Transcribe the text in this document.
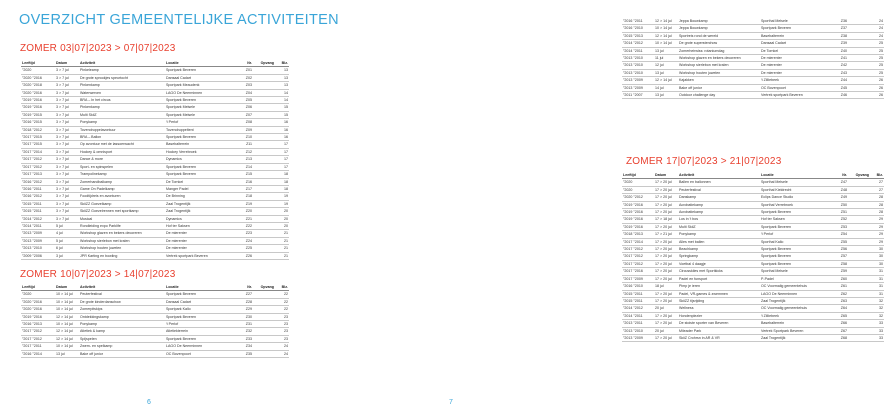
OVERZICHT GEMEENTELIJKE ACTIVITEITEN
ZOMER 03|07|2023 > 07|07|2023
Leeftijd	Datum	Activiteit	Locatie	Nr.	Opvang	Blz.
°2020	3 > 7 jul	Pinkeleamp	Sportpark Beveren	Z01		13
°2020 °2016	3 > 7 jul	De grote sprookjes speurtocht	Dansaal Cadart	Z02		13
°2020 °2018	3 > 7 jul	Pinkenkamp	Sportpark Meaudenk	Z03		13
°2020 °2016	3 > 7 jul	Waterwerven	LAGO De Neerminnen	Z04		14
°2019 °2016	3 > 7 jul	BRA – In het circus	Sportpark Beveren	Z05		14
°2019 °2016	3 > 7 jul	Pinkenkamp	Sportpark Melsele	Z06		15
°2019 °2015	3 > 7 jul	Multi SkiiZ	Sportpark Melsele	Z07		15
°2016 °2015	3 > 7 jul	Ponykamp	't Perlof	Z08		16
°2018 °2012	3 > 7 jul	Tovendruppelavontuur	Tovendruppeltent	Z09		16
°2017 °2015	3 > 7 jul	BRA – Ballon	Sportpark Beveren	Z10		16
°2017 °2015	3 > 7 jul	Op avontuur met de lassoerwacht	Basebalterrein	Z11		17
°2017 °2014	3 > 7 jul	Hockey & omnisport	Hockey Verrebroek	Z12		17
°2017 °2012	3 > 7 jul	Dance & more	Dynamics	Z13		17
°2017 °2012	3 > 7 jul	Sport- en spinspelen	Sportpark Beveren	Z14		17
°2017 °2013	3 > 7 jul	Trampolinekamp	Sportpark Beveren	Z15		18
°2016 °2012	3 > 7 jul	Zomerhandbalkamp	De Tornkel	Z16		18
°2016 °2011	3 > 7 jul	Game On Padelkamp	Manger Padel	Z17		18
°2016 °2012	3 > 7 jul	Foodtijdreis en avonturen	De Brinning	Z18		19
°2015 °2011	3 > 7 jul	SkiiZZ Goezelkamp	Zaal Trogentijlk	Z19		19
°2015 °2011	3 > 7 jul	SkiiZZ Goezelrennen met sportkamp	Zaal Trogentijlk	Z20		20
°2014 °2012	3 > 7 jul	Musical	Dynamics	Z21		20
°2014 °2011	5 jul	Rondleiding expo Parklife	Hof ter Saksen	Z22		20
°2013 °2009	4 jul	Workshop glazen en bekers decoreren	De mierenter	Z23		21
°2013 °2009	5 jul	Workshop sierlebon met kralen	De mierenter	Z24		21
°2013 °2010	6 jul	Workshop houten juwelen	De mierenter	Z25		21
°2009 °2006	3 jul	JPR Karting en bowling	Vertrek sportpark Beveren	Z26		21
ZOMER 10|07|2023 > 14|07|2023
Leeftijd	Datum	Activiteit	Locatie	Nr.	Opvang	Blz.
°2020	10 > 14 jul	Peuterfestival	Sportpark Beveren	Z27		22
°2020 °2016	10 > 14 jul	De grote kinderdanschow	Dansaal Cadart	Z28		22
°2020 °2016	10 > 14 jul	Zomerpitskips	Sportpark Kallo	Z29		22
°2019 °2016	12 > 14 jul	Ontdekkingskamp	Sportpark Beveren	Z30		23
°2016 °2013	10 > 14 jul	Ponykamp	't Perlof	Z31		23
°2017 °2012	12 > 14 jul	Atletiek & kamp	Atletiekterrein	Z32		23
°2017 °2012	12 > 14 jul	Spijspelen	Sportpark Beveren	Z33		23
°2017 °2011	10 > 14 jul	Zwem- en spelkamp	LAGO De Neerminnen	Z34		24
°2016 °2014	13 jul	Bake off junior	OC Bovenpoort	Z35		24
6
°2016 °2011	12 > 14 jul	Jeppa Bouwkamp	Sporthal Melsele	Z36		24
°2016 °2010	10 > 14 jul	Jeppa Bouwkamp	Sportpark Beveren	Z37		24
°2015 °2013	12 > 14 jul	Sportreis rond de wereld	Basebalterrein	Z38		24
°2014 °2012	10 > 14 jul	De grote supersterchow	Dansaal Cadart	Z39		25
°2014 °2011	13 jul	Zomerheirwiss: rotaniumdag	De Tornkel	Z40		25
°2013 °2010	11 jul	Workshop glazen en bekers decoreren	De mierenter	Z41		25
°2013 °2010	12 jul	Workshop sierlebon met kralen	De mierenter	Z42		25
°2013 °2010	13 jul	Workshop houten juwelen	De mierenter	Z43		25
°2013 °2009	12 > 14 jul	Kajakken	't Zilliebeek	Z44		26
°2013 °2009	14 jul	Bake off junior	OC Bovenpoort	Z45		26
°2011 °2007	13 jul	Outdoor challenge day	Vertrek sportpark Beveren	Z46		26
ZOMER 17|07|2023 > 21|07|2023
Leeftijd	Datum	Activiteit	Locatie	Nr.	Opvang	Blz.
°2020	17 > 20 jul	Ballen en ballonnen	Sporthal Melsele	Z47		27
°2020	17 > 20 jul	Peuterfestival	Sporthal Kieldrecht	Z48		27
°2020 °2012	17 > 20 jul	Danskamp	Eclips Dance Studio	Z49		28
°2019 °2016	17 > 20 jul	Acrobatiekamp	Sporthal Verrebroek	Z50		28
°2019 °2016	17 > 20 jul	Acrobatiekamp	Sportpark Beveren	Z51		28
°2019 °2016	17 > 18 jul	Los in 't bos	Hof ter Saksen	Z52		29
°2019 °2016	17 > 20 jul	Multi SkiiZ	Sportpark Beveren	Z53		29
°2018 °2013	17 > 21 jul	Ponykamp	't Perlof	Z54		29
°2017 °2014	17 > 20 jul	Alles met ballen	Sporthal Kallo	Z55		29
°2017 °2012	17 > 20 jul	Beachkamp	Sportpark Beveren	Z56		30
°2017 °2012	17 > 20 jul	Springkamp	Sportpark Beveren	Z57		30
°2017 °2012	17 > 20 jul	Voetbal 4 daagje	Sportpark Beveren	Z58		30
°2017 °2016	17 > 20 jul	Circusskiles met Sportkicks	Sporthal Melsele	Z59		31
°2017 °2009	17 > 20 jul	Padel en funsport	P-Padel	Z60		31
°2016 °2010	18 jul	Pimp je ieren	OC Voormalig gemeentehuis	Z61		31
°2015 °2011	17 > 20 jul	Padel, VR-games & zwemmen	LAGO De Neerminnen	Z62		31
°2015 °2011	17 > 20 jul	SkiiZZ tijsrijding	Zaal Trogentijlk	Z63		32
°2014 °2012	20 jul	Wellness	OC Voormalig gemeentehuis	Z64		32
°2014 °2011	17 > 20 jul	Hondenplezier	't Zilliebeek	Z65		32
°2013 °2011	17 > 20 jul	De stoiste sporter van Beveren	Basebalterrein	Z66		33
°2013 °2010	20 jul	Mileader Park	Vertrek Sportpark Beveren	Z67		33
°2013 °2009	17 > 20 jul	SkiiZ Crohrsn in AR & VR	Zaal Trogentijlk	Z68		33
7
